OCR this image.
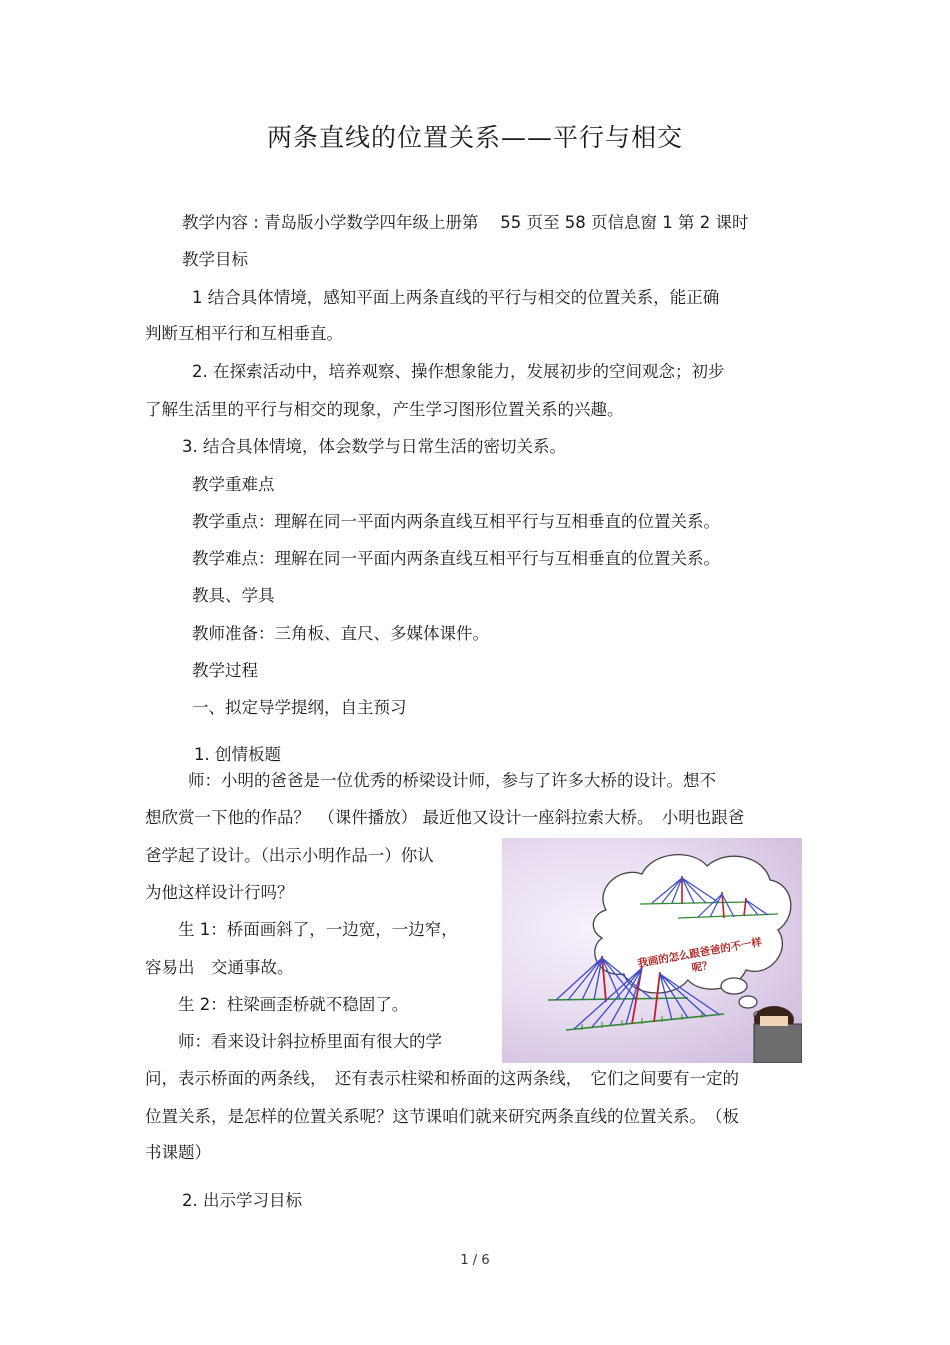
两条直线的位置关系——平行与相交
教学内容 : 青岛版小学数学四年级上册第　 55 页至 58 页信息窗 1 第 2 课时
教学目标
1 结合具体情境，感知平面上两条直线的平行与相交的位置关系，能正确
判断互相平行和互相垂直。
2. 在探索活动中，培养观察、操作想象能力，发展初步的空间观念；初步
了解生活里的平行与相交的现象，产生学习图形位置关系的兴趣。
3. 结合具体情境，体会数学与日常生活的密切关系。
教学重难点
教学重点：理解在同一平面内两条直线互相平行与互相垂直的位置关系。
教学难点：理解在同一平面内两条直线互相平行与互相垂直的位置关系。
教具、学具
教师准备：三角板、直尺、多媒体课件。
教学过程
一、拟定导学提纲，自主预习
1. 创情板题
师：小明的爸爸是一位优秀的桥梁设计师，参与了许多大桥的设计。想不
想欣赏一下他的作品？　（课件播放） 最近他又设计一座斜拉索大桥。　小明也跟爸
爸学起了设计。（出示小明作品一）你认
为他这样设计行吗？
生 1：桥面画斜了，一边宽，一边窄，
容易出　交通事故。
生 2：柱梁画歪桥就不稳固了。
师：看来设计斜拉桥里面有很大的学
问，表示桥面的两条线，　还有表示柱梁和桥面的这两条线，　它们之间要有一定的
位置关系，是怎样的位置关系呢？这节课咱们就来研究两条直线的位置关系。　（板
书课题）
2. 出示学习目标
我画的怎么跟爸爸的不一样呢？
1 / 6
